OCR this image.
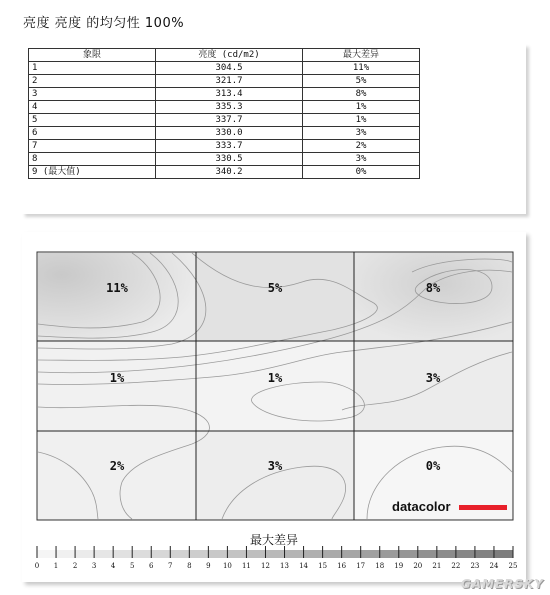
亮度 亮度 的均匀性 100%
象限	亮度 (cd/m2)	最大差异
1	304.5	11%
2	321.7	5%
3	313.4	8%
4	335.3	1%
5	337.7	1%
6	330.0	3%
7	333.7	2%
8	330.5	3%
9 (最大值)	340.2	0%
11%	5%	8%
1%	1%	3%
2%	3%	0%
datacolor
0 1 2 3 4 5 6 7 8 9 10 11 12 13 14 15 16 17 18 19 20 21 22 23 24 25
最大差异
GAMERSKY
